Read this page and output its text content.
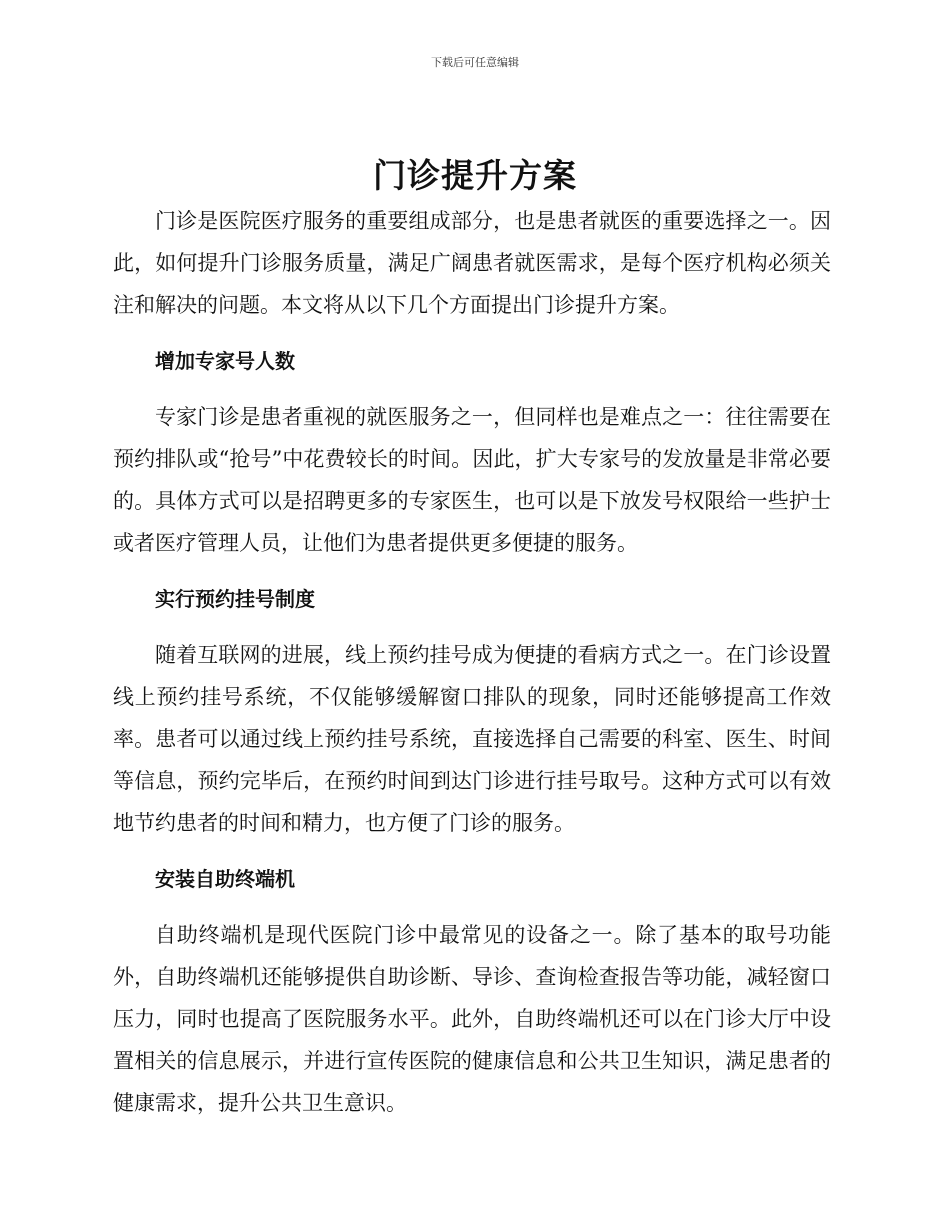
下载后可任意编辑
门诊提升方案

门诊是医院医疗服务的重要组成部分，也是患者就医的重要选择之一。因此，如何提升门诊服务质量，满足广阔患者就医需求，是每个医疗机构必须关注和解决的问题。本文将从以下几个方面提出门诊提升方案。

增加专家号人数

专家门诊是患者重视的就医服务之一，但同样也是难点之一：往往需要在预约排队或“抢号”中花费较长的时间。因此，扩大专家号的发放量是非常必要的。具体方式可以是招聘更多的专家医生，也可以是下放发号权限给一些护士或者医疗管理人员，让他们为患者提供更多便捷的服务。

实行预约挂号制度

随着互联网的进展，线上预约挂号成为便捷的看病方式之一。在门诊设置线上预约挂号系统，不仅能够缓解窗口排队的现象，同时还能够提高工作效率。患者可以通过线上预约挂号系统，直接选择自己需要的科室、医生、时间等信息，预约完毕后，在预约时间到达门诊进行挂号取号。这种方式可以有效地节约患者的时间和精力，也方便了门诊的服务。

安装自助终端机

自助终端机是现代医院门诊中最常见的设备之一。除了基本的取号功能外，自助终端机还能够提供自助诊断、导诊、查询检查报告等功能，减轻窗口压力，同时也提高了医院服务水平。此外，自助终端机还可以在门诊大厅中设置相关的信息展示，并进行宣传医院的健康信息和公共卫生知识，满足患者的健康需求，提升公共卫生意识。
